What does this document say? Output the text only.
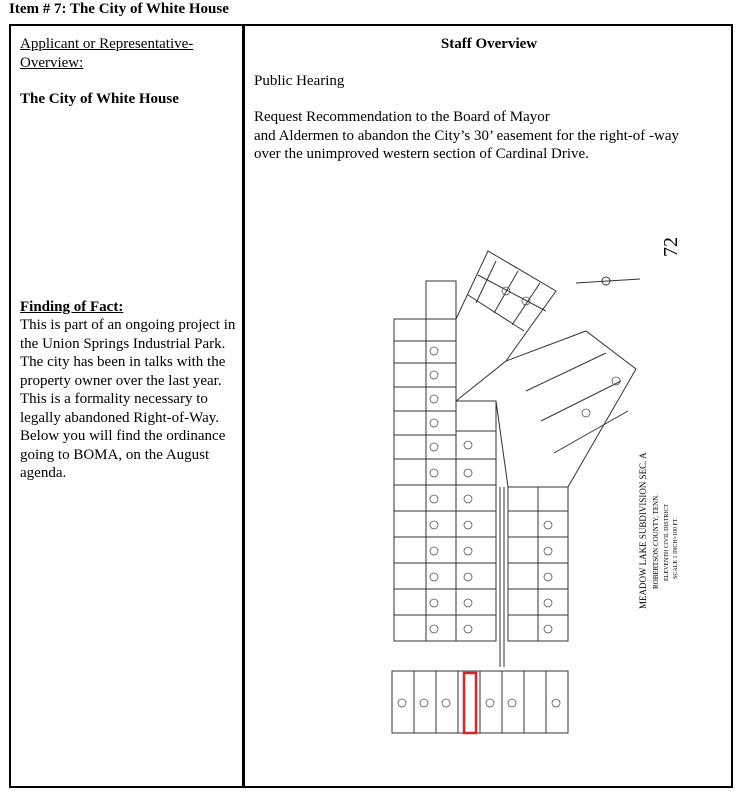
Item # 7: The City of White House
Applicant or Representative-Overview:
The City of White House
Finding of Fact:
This is part of an ongoing project in the Union Springs Industrial Park. The city has been in talks with the property owner over the last year. This is a formality necessary to legally abandoned Right-of-Way. Below you will find the ordinance going to BOMA, on the August agenda.
Staff Overview
Public Hearing
Request Recommendation to the Board of Mayor
and Aldermen to abandon the City’s 30’ easement for the right-of -way
over the unimproved western section of Cardinal Drive.
72
MEADOW LAKE SUBDIVISION SEC. A ROBERTSON COUNTY, TENN. ELEVENTH CIVIL DISTRICT SCALE 1 INCH=100 FT.
